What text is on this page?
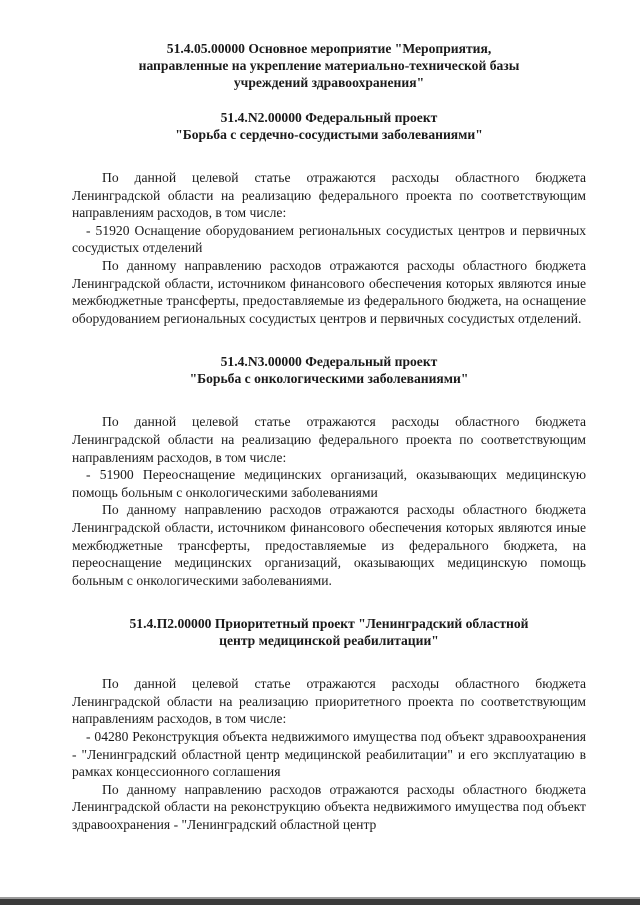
51.4.05.00000 Основное мероприятие "Мероприятия,
направленные на укрепление материально-технической базы
учреждений здравоохранения"

51.4.N2.00000 Федеральный проект
"Борьба с сердечно-сосудистыми заболеваниями"

По данной целевой статье отражаются расходы областного бюджета Ленинградской области на реализацию федерального проекта по соответствующим направлениям расходов, в том числе:

- 51920 Оснащение оборудованием региональных сосудистых центров и первичных сосудистых отделений

По данному направлению расходов отражаются расходы областного бюджета Ленинградской области, источником финансового обеспечения которых являются иные межбюджетные трансферты, предоставляемые из федерального бюджета, на оснащение оборудованием региональных сосудистых центров и первичных сосудистых отделений.

51.4.N3.00000 Федеральный проект
"Борьба с онкологическими заболеваниями"

По данной целевой статье отражаются расходы областного бюджета Ленинградской области на реализацию федерального проекта по соответствующим направлениям расходов, в том числе:

- 51900 Переоснащение медицинских организаций, оказывающих медицинскую помощь больным с онкологическими заболеваниями

По данному направлению расходов отражаются расходы областного бюджета Ленинградской области, источником финансового обеспечения которых являются иные межбюджетные трансферты, предоставляемые из федерального бюджета, на переоснащение медицинских организаций, оказывающих медицинскую помощь больным с онкологическими заболеваниями.

51.4.П2.00000 Приоритетный проект "Ленинградский областной
центр медицинской реабилитации"

По данной целевой статье отражаются расходы областного бюджета Ленинградской области на реализацию приоритетного проекта по соответствующим направлениям расходов, в том числе:

- 04280 Реконструкция объекта недвижимого имущества под объект здравоохранения - "Ленинградский областной центр медицинской реабилитации" и его эксплуатацию в рамках концессионного соглашения

По данному направлению расходов отражаются расходы областного бюджета Ленинградской области на реконструкцию объекта недвижимого имущества под объект здравоохранения - "Ленинградский областной центр
